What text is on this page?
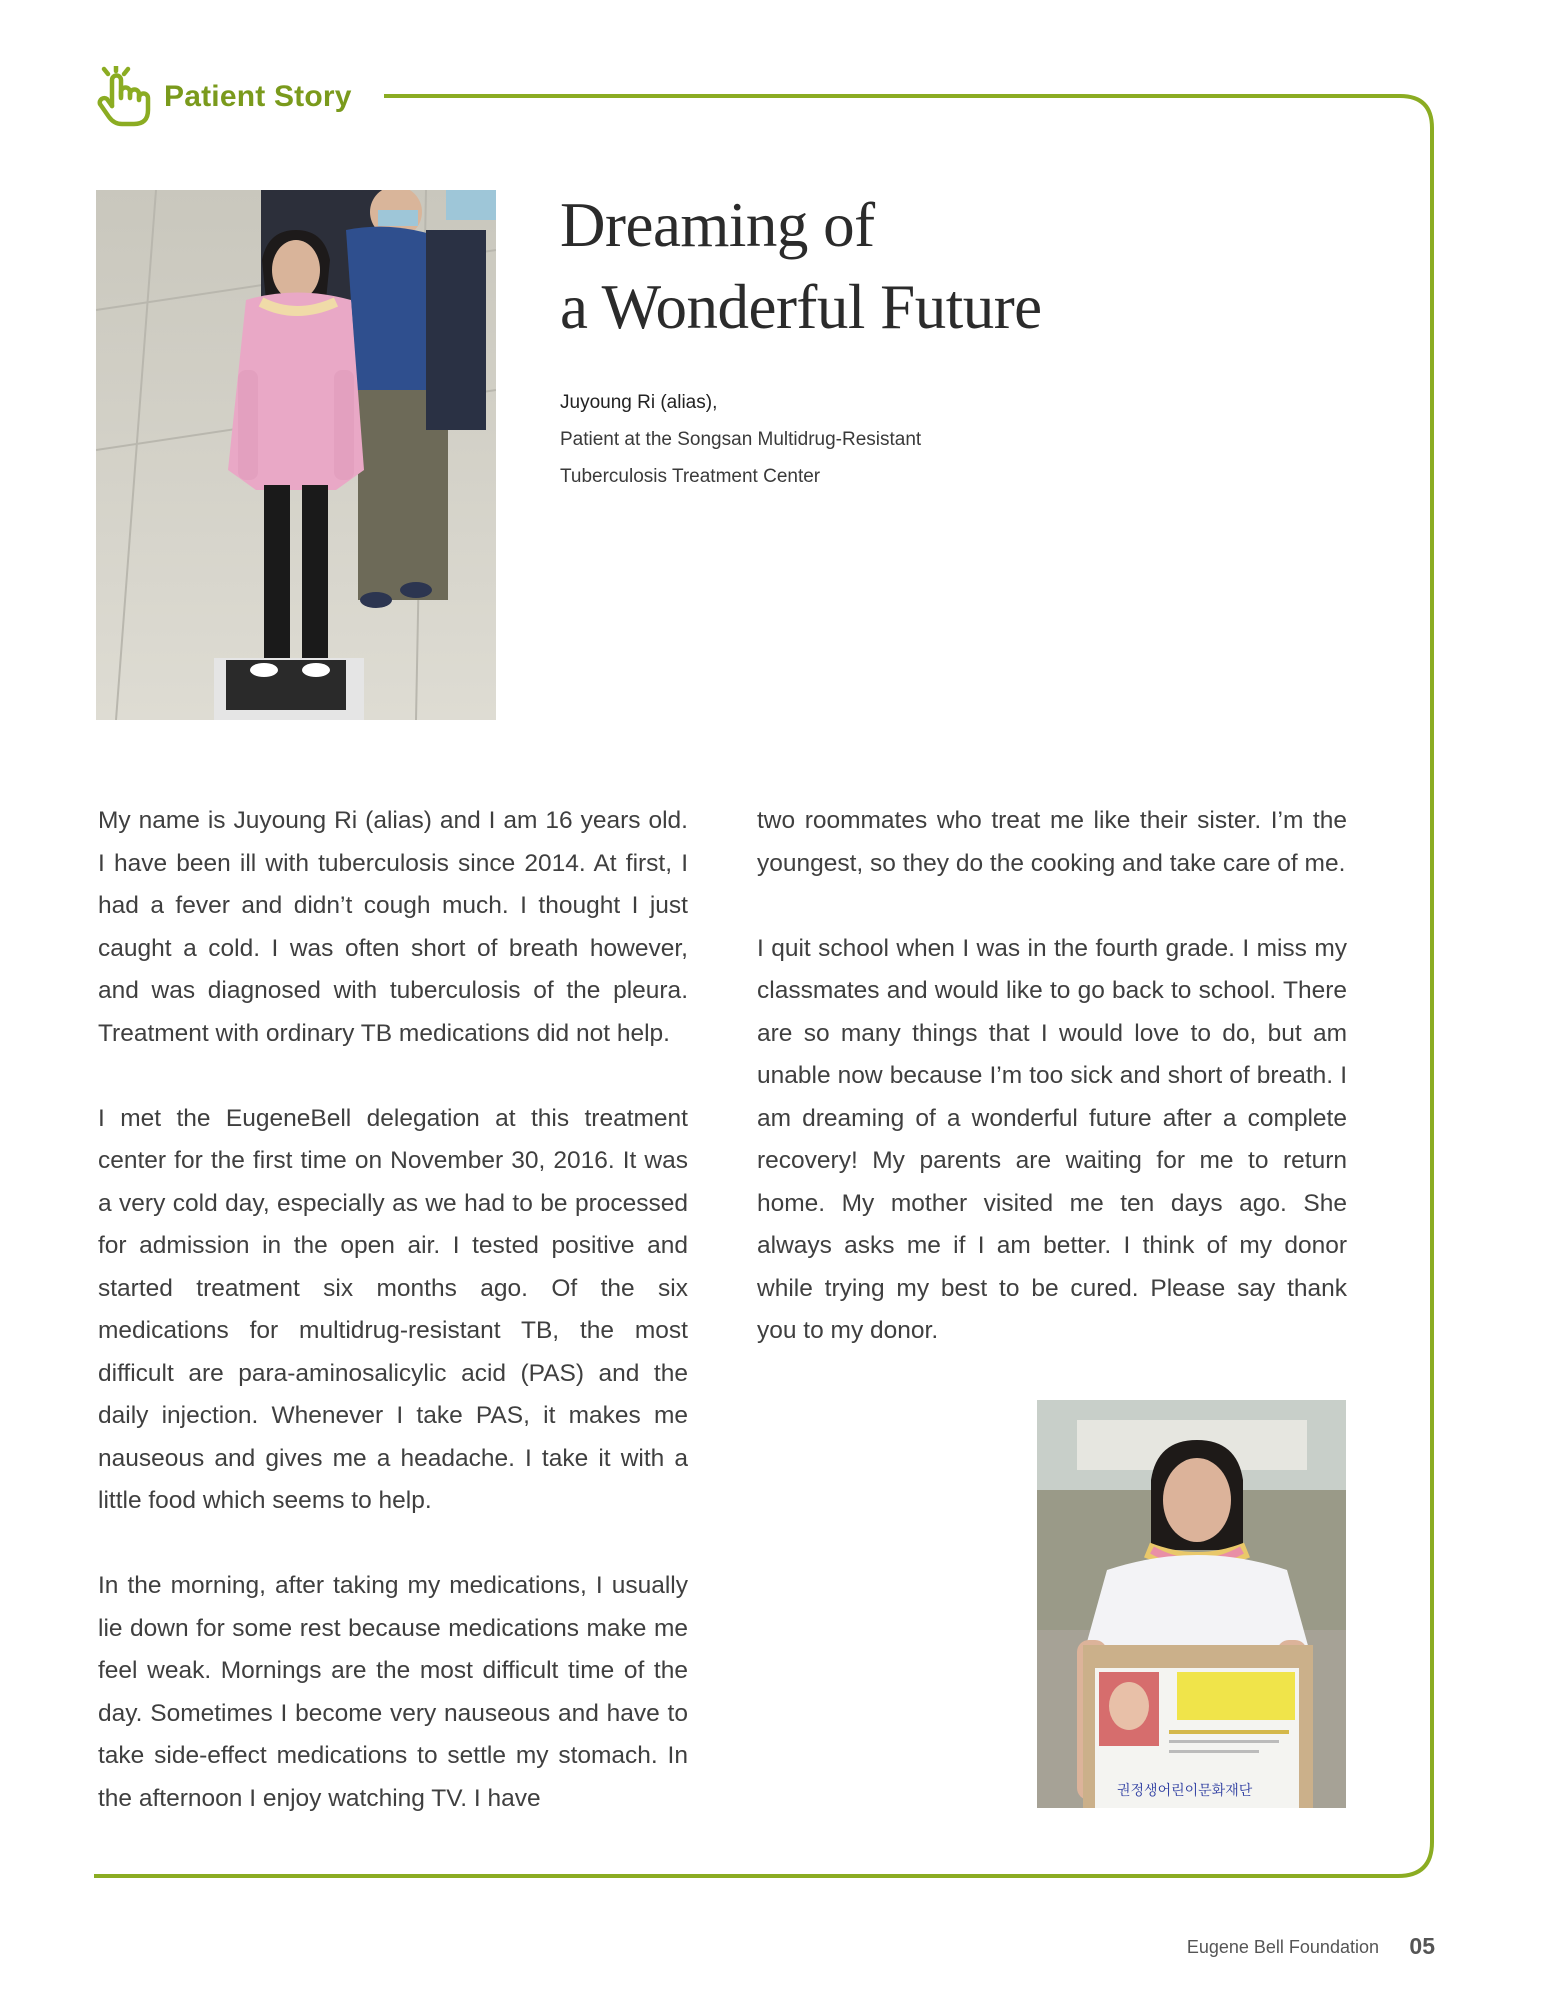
Patient Story
Dreaming of
a Wonderful Future
Juyoung Ri (alias),
Patient at the Songsan Multidrug-Resistant
Tuberculosis Treatment Center

My name is Juyoung Ri (alias) and I am 16 years old. I have been ill with tuberculosis since 2014. At first, I had a fever and didn’t cough much. I thought I just caught a cold. I was often short of breath however, and was diagnosed with tuberculosis of the pleura. Treatment with ordinary TB medications did not help.

I met the EugeneBell delegation at this treatment center for the first time on November 30, 2016. It was a very cold day, especially as we had to be processed for admission in the open air. I tested positive and started treatment six months ago. Of the six medications for multidrug-resistant TB, the most difficult are para-aminosalicylic acid (PAS) and the daily injection. Whenever I take PAS, it makes me nauseous and gives me a headache. I take it with a little food which seems to help.

In the morning, after taking my medications, I usually lie down for some rest because medications make me feel weak. Mornings are the most difficult time of the day. Sometimes I become very nauseous and have to take side-effect medications to settle my stomach. In the afternoon I enjoy watching TV. I have

two roommates who treat me like their sister. I’m the youngest, so they do the cooking and take care of me.

I quit school when I was in the fourth grade. I miss my classmates and would like to go back to school. There are so many things that I would love to do, but am unable now because I’m too sick and short of breath. I am dreaming of a wonderful future after a complete recovery! My parents are waiting for me to return home. My mother visited me ten days ago. She always asks me if I am better. I think of my donor while trying my best to be cured. Please say thank you to my donor.

권정생어린이문화재단
Eugene Bell Foundation 05
